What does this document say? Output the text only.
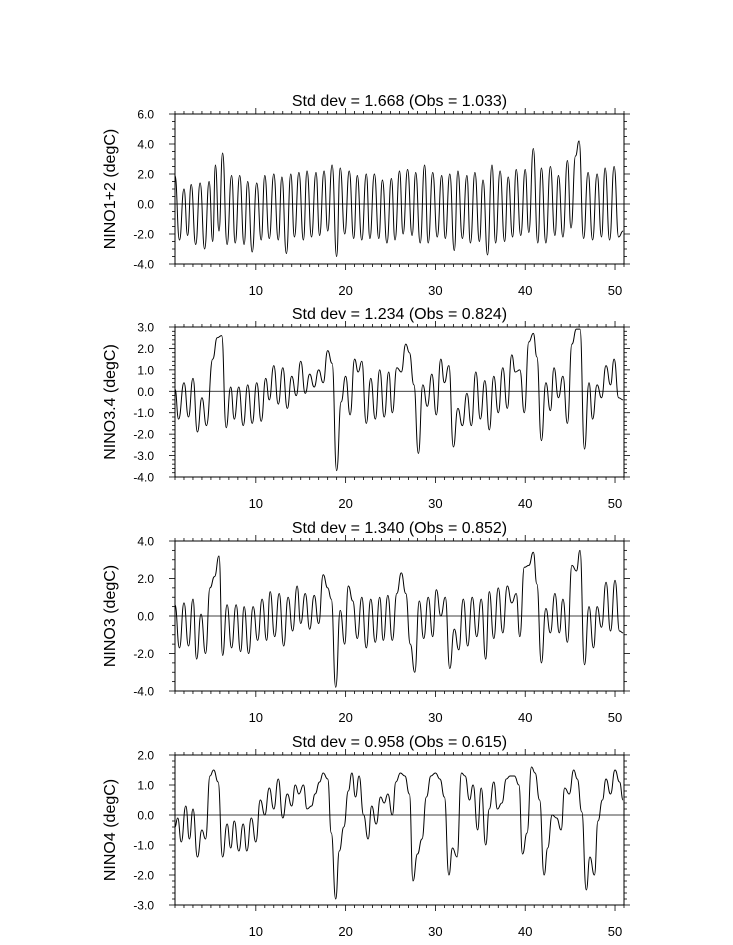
10	20	30	40	50
-4.0
-2.0
0.0
2.0
4.0
6.0
Std dev = 1.668 (Obs = 1.033)
NINO1+2 (degC)
10	20	30	40	50
-4.0
-3.0
-2.0
-1.0
0.0
1.0
2.0
3.0
Std dev = 1.234 (Obs = 0.824)
NINO3.4 (degC)
10	20	30	40	50
-4.0
-2.0
0.0
2.0
4.0
Std dev = 1.340 (Obs = 0.852)
NINO3 (degC)
10	20	30	40	50
-3.0
-2.0
-1.0
0.0
1.0
2.0
Std dev = 0.958 (Obs = 0.615)
NINO4 (degC)
